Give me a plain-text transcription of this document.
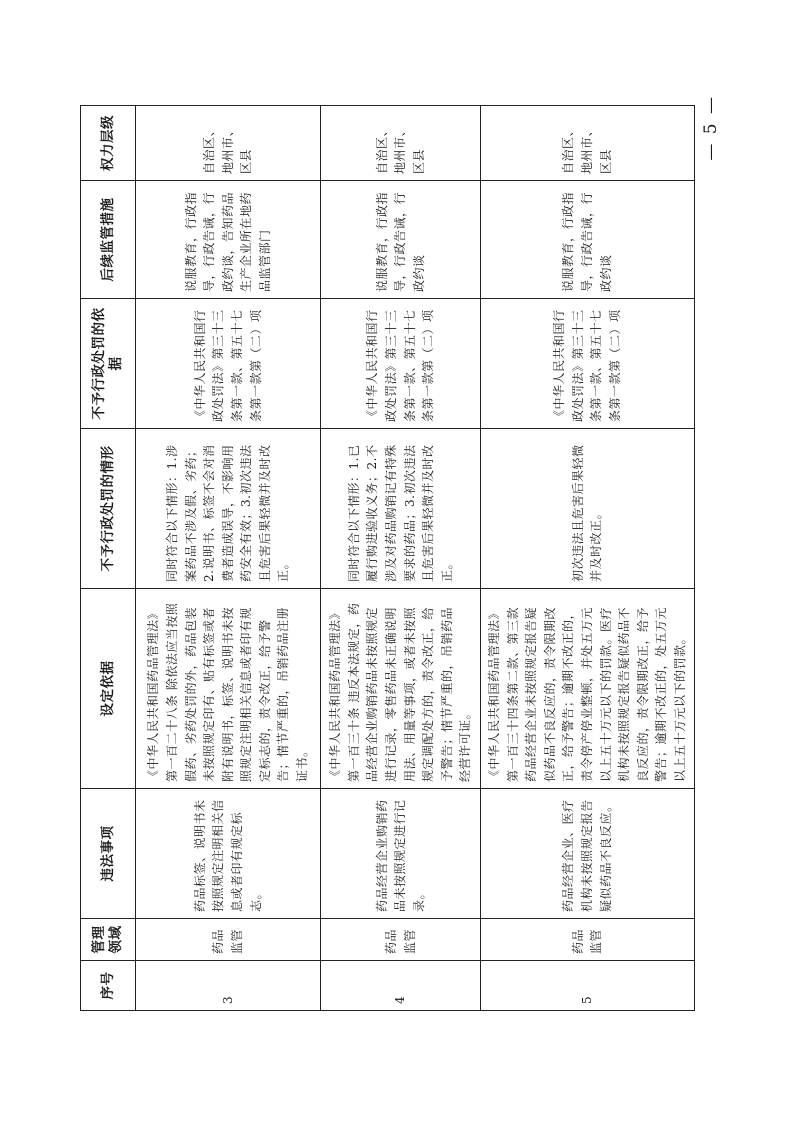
序号	管理领域	违法事项	设定依据	不予行政处罚的情形	不予行政处罚的依据	后续监管措施	权力层级
3	药品监管	药品标签、说明书未按照规定注明相关信息或者印有规定标志。	《中华人民共和国药品管理法》第一百二十八条 除依法应当按照假药、劣药处罚的外，药品包装未按照规定印有、贴有标签或者附有说明书，标签、说明书未按照规定注明相关信息或者印有规定标志的，责令改正，给予警告；情节严重的，吊销药品注册证书。	同时符合以下情形：1.涉案药品不涉及假、劣药；2.说明书、标签不会对消费者造成误导，不影响用药安全有效；3.初次违法且危害后果轻微并及时改正。	《中华人民共和国行政处罚法》第三十三条第一款、第五十七条第一款第（二）项	说服教育，行政指导，行政告诫，行政约谈，告知药品生产企业所在地药品监管部门	自治区、地州市、区县
4	药品监管	药品经营企业购销药品未按照规定进行记录。	《中华人民共和国药品管理法》第一百三十条 违反本法规定，药品经营企业购销药品未按照规定进行记录，零售药品未正确说明用法、用量等事项，或者未按照规定调配处方的，责令改正，给予警告；情节严重的，吊销药品经营许可证。	同时符合以下情形：1.已履行购进验收义务；2.不涉及对药品购销记有特殊要求的药品；3.初次违法且危害后果轻微并及时改正。	《中华人民共和国行政处罚法》第三十三条第一款、第五十七条第一款第（二）项	说服教育，行政指导，行政告诫，行政约谈	自治区、地州市、区县
5	药品监管	药品经营企业、医疗机构未按照规定报告疑似药品不良反应。	《中华人民共和国药品管理法》第一百三十四条第二款、第三款 药品经营企业未按照规定报告疑似药品不良反应的，责令限期改正，给予警告；逾期不改正的，责令停产停业整顿，并处五万元以上五十万元以下的罚款。医疗机构未按照规定报告疑似药品不良反应的，责令限期改正，给予警告；逾期不改正的，处五万元以上五十万元以下的罚款。	初次违法且危害后果轻微并及时改正。	《中华人民共和国行政处罚法》第三十三条第一款、第五十七条第一款第（二）项	说服教育，行政指导，行政告诫，行政约谈	自治区、地州市、区县
— 5 —
